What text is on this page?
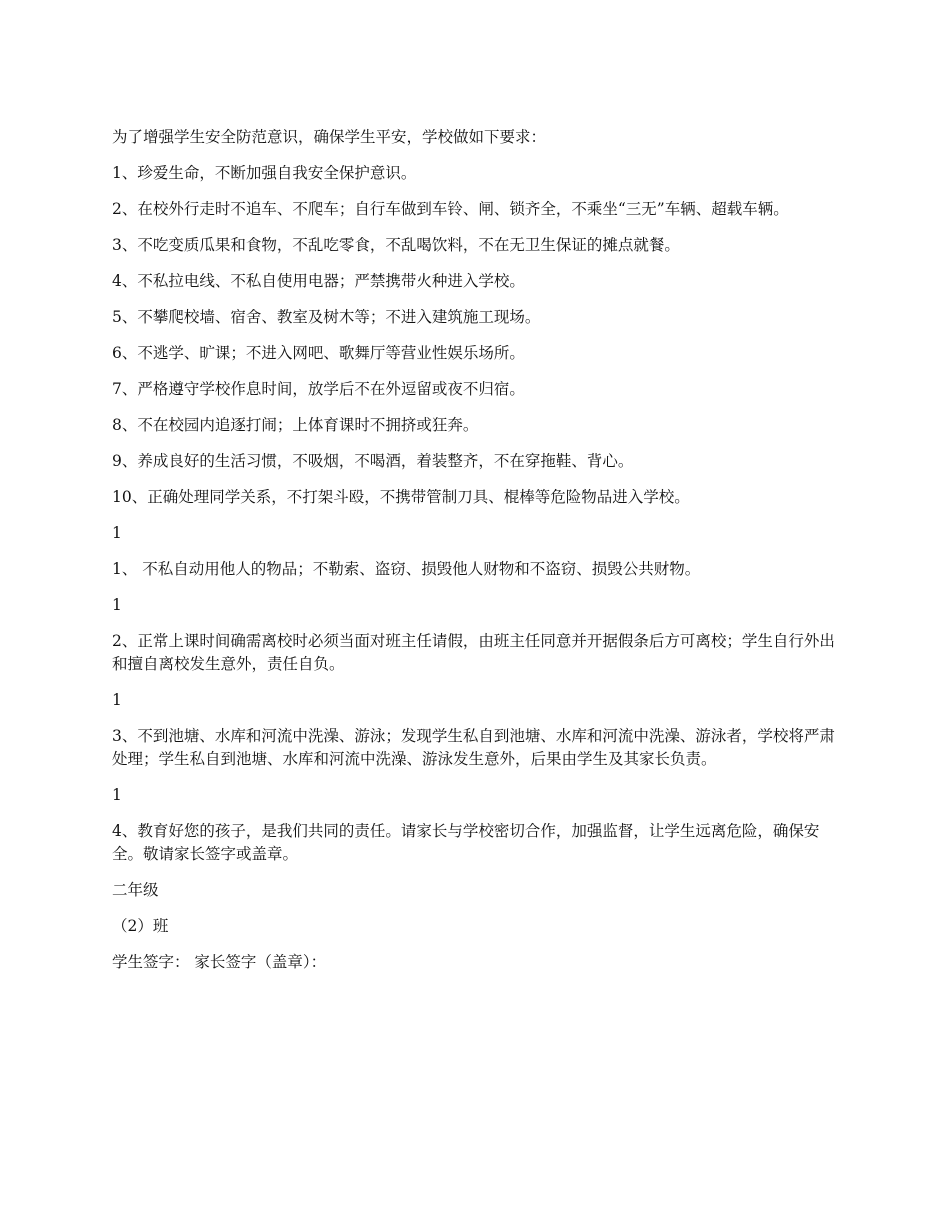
为了增强学生安全防范意识，确保学生平安，学校做如下要求：

1、珍爱生命，不断加强自我安全保护意识。

2、在校外行走时不追车、不爬车；自行车做到车铃、闸、锁齐全，不乘坐“三无”车辆、超载车辆。

3、不吃变质瓜果和食物，不乱吃零食，不乱喝饮料，不在无卫生保证的摊点就餐。

4、不私拉电线、不私自使用电器；严禁携带火种进入学校。

5、不攀爬校墙、宿舍、教室及树木等；不进入建筑施工现场。

6、不逃学、旷课；不进入网吧、歌舞厅等营业性娱乐场所。

7、严格遵守学校作息时间，放学后不在外逗留或夜不归宿。

8、不在校园内追逐打闹；上体育课时不拥挤或狂奔。

9、养成良好的生活习惯，不吸烟，不喝酒，着装整齐，不在穿拖鞋、背心。

10、正确处理同学关系，不打架斗殴，不携带管制刀具、棍棒等危险物品进入学校。

1

1、 不私自动用他人的物品；不勒索、盗窃、损毁他人财物和不盗窃、损毁公共财物。

1

2、正常上课时间确需离校时必须当面对班主任请假，由班主任同意并开据假条后方可离校；学生自行外出和擅自离校发生意外，责任自负。

1

3、不到池塘、水库和河流中洗澡、游泳；发现学生私自到池塘、水库和河流中洗澡、游泳者，学校将严肃处理；学生私自到池塘、水库和河流中洗澡、游泳发生意外，后果由学生及其家长负责。

1

4、教育好您的孩子，是我们共同的责任。请家长与学校密切合作，加强监督，让学生远离危险，确保安全。敬请家长签字或盖章。

二年级

（2）班

学生签字： 家长签字（盖章）：
